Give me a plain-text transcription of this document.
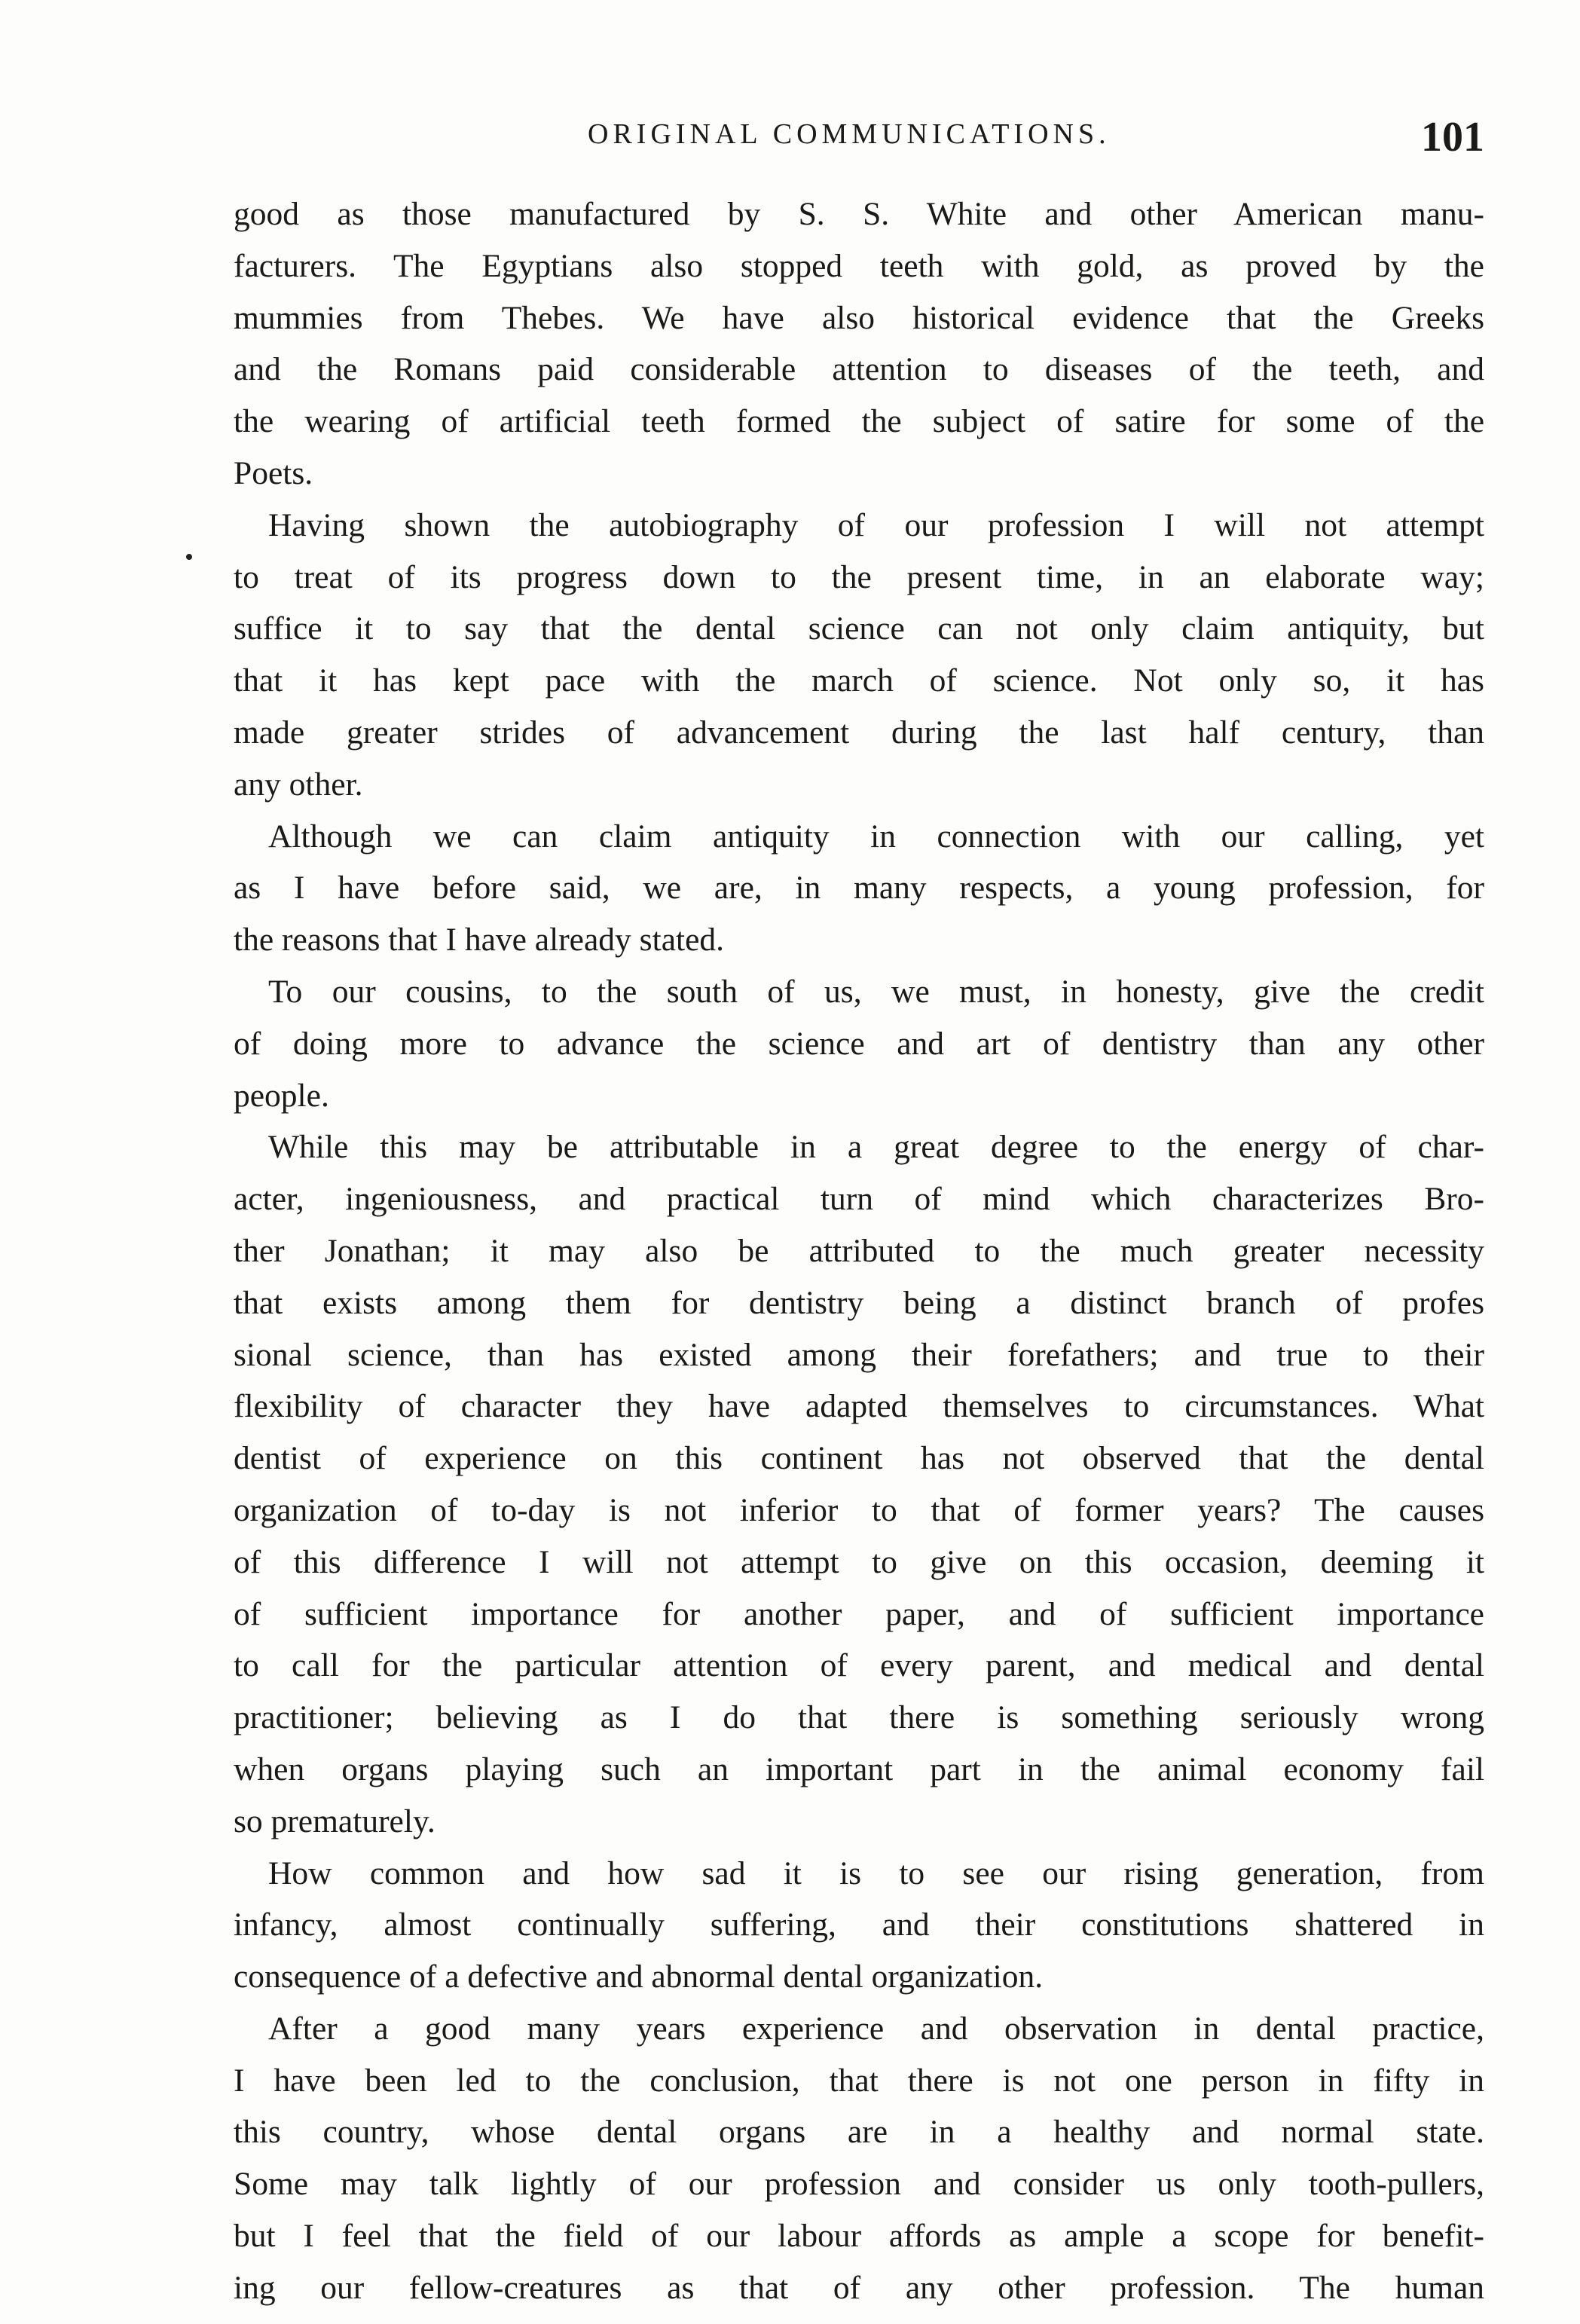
ORIGINAL COMMUNICATIONS.	101
good as those manufactured by S. S. White and other American manu-
facturers. The Egyptians also stopped teeth with gold, as proved by the
mummies from Thebes. We have also historical evidence that the Greeks
and the Romans paid considerable attention to diseases of the teeth, and
the wearing of artificial teeth formed the subject of satire for some of the
Poets.
Having shown the autobiography of our profession I will not attempt
to treat of its progress down to the present time, in an elaborate way;
suffice it to say that the dental science can not only claim antiquity, but
that it has kept pace with the march of science. Not only so, it has
made greater strides of advancement during the last half century, than
any other.
Although we can claim antiquity in connection with our calling, yet
as I have before said, we are, in many respects, a young profession, for
the reasons that I have already stated.
To our cousins, to the south of us, we must, in honesty, give the credit
of doing more to advance the science and art of dentistry than any other
people.
While this may be attributable in a great degree to the energy of char-
acter, ingeniousness, and practical turn of mind which characterizes Bro-
ther Jonathan; it may also be attributed to the much greater necessity
that exists among them for dentistry being a distinct branch of profes
sional science, than has existed among their forefathers; and true to their
flexibility of character they have adapted themselves to circumstances. What
dentist of experience on this continent has not observed that the dental
organization of to-day is not inferior to that of former years? The causes
of this difference I will not attempt to give on this occasion, deeming it
of sufficient importance for another paper, and of sufficient importance
to call for the particular attention of every parent, and medical and dental
practitioner; believing as I do that there is something seriously wrong
when organs playing such an important part in the animal economy fail
so prematurely.
How common and how sad it is to see our rising generation, from
infancy, almost continually suffering, and their constitutions shattered in
consequence of a defective and abnormal dental organization.
After a good many years experience and observation in dental practice,
I have been led to the conclusion, that there is not one person in fifty in
this country, whose dental organs are in a healthy and normal state.
Some may talk lightly of our profession and consider us only tooth-pullers,
but I feel that the field of our labour affords as ample a scope for benefit-
ing our fellow-creatures as that of any other profession. The human
